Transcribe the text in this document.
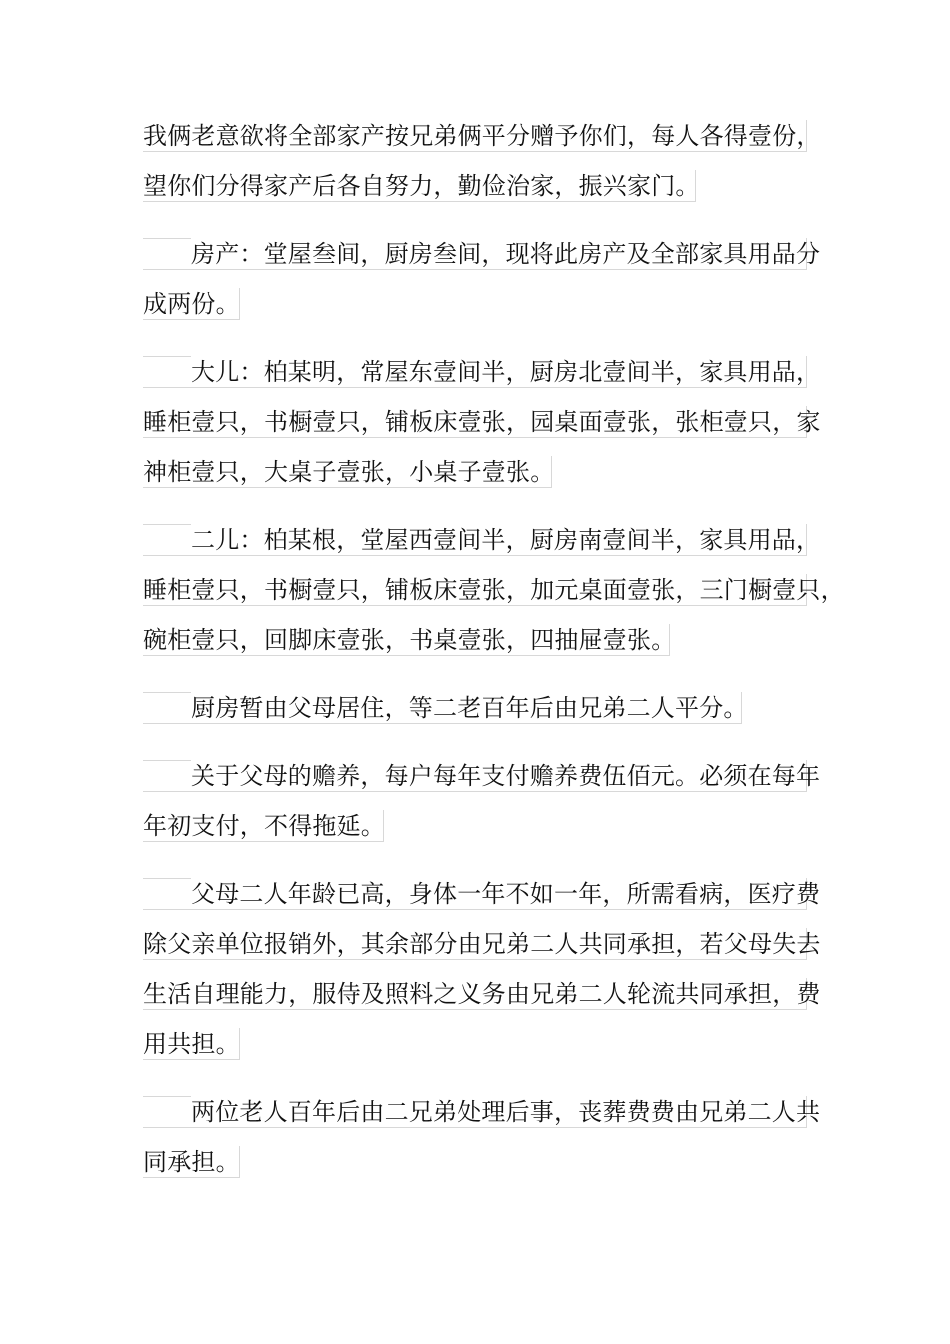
我俩老意欲将全部家产按兄弟俩平分赠予你们，每人各得壹份，
望你们分得家产后各自努力，勤俭治家，振兴家门。
房产：堂屋叁间，厨房叁间，现将此房产及全部家具用品分
成两份。
大儿：柏某明，常屋东壹间半，厨房北壹间半，家具用品，
睡柜壹只，书橱壹只，铺板床壹张，园桌面壹张，张柜壹只，家
神柜壹只，大桌子壹张，小桌子壹张。
二儿：柏某根，堂屋西壹间半，厨房南壹间半，家具用品，
睡柜壹只，书橱壹只，铺板床壹张，加元桌面壹张，三门橱壹只，
碗柜壹只，回脚床壹张，书桌壹张，四抽屉壹张。
厨房暂由父母居住，等二老百年后由兄弟二人平分。
关于父母的赡养，每户每年支付赡养费伍佰元。必须在每年
年初支付，不得拖延。
父母二人年龄已高，身体一年不如一年，所需看病，医疗费
除父亲单位报销外，其余部分由兄弟二人共同承担，若父母失去
生活自理能力，服侍及照料之义务由兄弟二人轮流共同承担，费
用共担。
两位老人百年后由二兄弟处理后事，丧葬费费由兄弟二人共
同承担。
